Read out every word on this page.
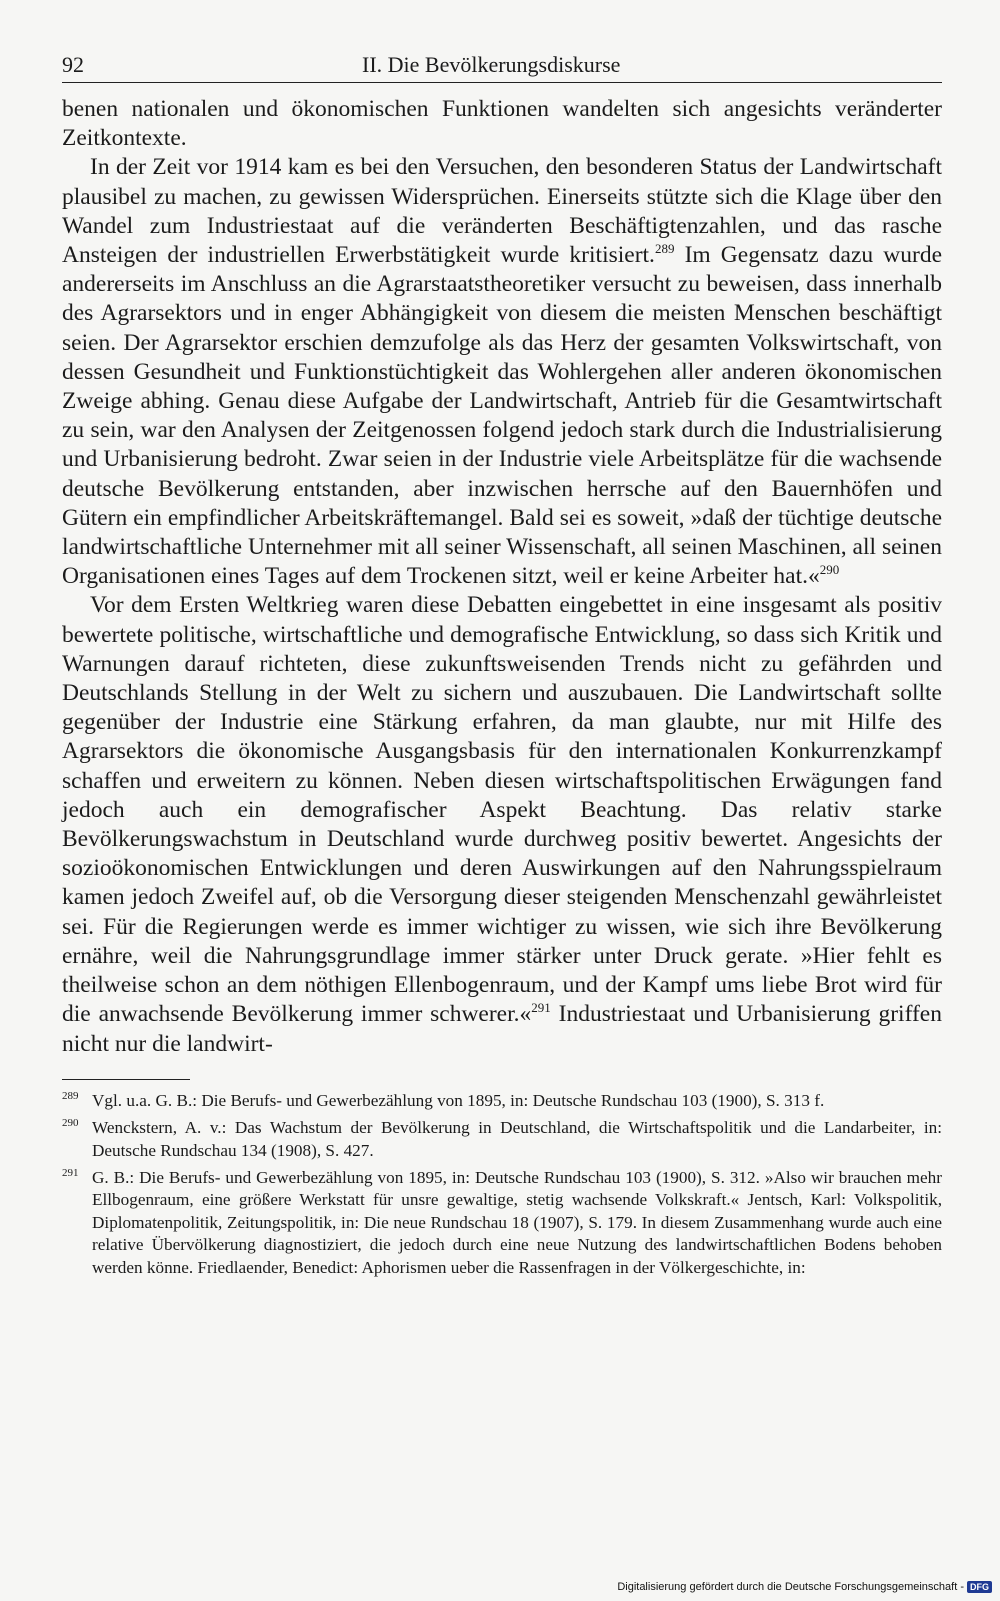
92	II. Die Bevölkerungsdiskurse

benen nationalen und ökonomischen Funktionen wandelten sich angesichts veränderter Zeitkontexte.

In der Zeit vor 1914 kam es bei den Versuchen, den besonderen Status der Landwirtschaft plausibel zu machen, zu gewissen Widersprüchen. Einerseits stützte sich die Klage über den Wandel zum Industriestaat auf die veränderten Beschäftigtenzahlen, und das rasche Ansteigen der industriellen Erwerbstätigkeit wurde kritisiert.$^{289}$ Im Gegensatz dazu wurde andererseits im Anschluss an die Agrarstaatstheoretiker versucht zu beweisen, dass innerhalb des Agrarsektors und in enger Abhängigkeit von diesem die meisten Menschen beschäftigt seien. Der Agrarsektor erschien demzufolge als das Herz der gesamten Volkswirtschaft, von dessen Gesundheit und Funktionstüchtigkeit das Wohlergehen aller anderen ökonomischen Zweige abhing. Genau diese Aufgabe der Landwirtschaft, Antrieb für die Gesamtwirtschaft zu sein, war den Analysen der Zeitgenossen folgend jedoch stark durch die Industrialisierung und Urbanisierung bedroht. Zwar seien in der Industrie viele Arbeitsplätze für die wachsende deutsche Bevölkerung entstanden, aber inzwischen herrsche auf den Bauernhöfen und Gütern ein empfindlicher Arbeitskräftemangel. Bald sei es soweit, »daß der tüchtige deutsche landwirtschaftliche Unternehmer mit all seiner Wissenschaft, all seinen Maschinen, all seinen Organisationen eines Tages auf dem Trockenen sitzt, weil er keine Arbeiter hat.«$^{290}$

Vor dem Ersten Weltkrieg waren diese Debatten eingebettet in eine insgesamt als positiv bewertete politische, wirtschaftliche und demografische Entwicklung, so dass sich Kritik und Warnungen darauf richteten, diese zukunftsweisenden Trends nicht zu gefährden und Deutschlands Stellung in der Welt zu sichern und auszubauen. Die Landwirtschaft sollte gegenüber der Industrie eine Stärkung erfahren, da man glaubte, nur mit Hilfe des Agrarsektors die ökonomische Ausgangsbasis für den internationalen Konkurrenzkampf schaffen und erweitern zu können. Neben diesen wirtschaftspolitischen Erwägungen fand jedoch auch ein demografischer Aspekt Beachtung. Das relativ starke Bevölkerungswachstum in Deutschland wurde durchweg positiv bewertet. Angesichts der sozioökonomischen Entwicklungen und deren Auswirkungen auf den Nahrungsspielraum kamen jedoch Zweifel auf, ob die Versorgung dieser steigenden Menschenzahl gewährleistet sei. Für die Regierungen werde es immer wichtiger zu wissen, wie sich ihre Bevölkerung ernähre, weil die Nahrungsgrundlage immer stärker unter Druck gerate. »Hier fehlt es theilweise schon an dem nöthigen Ellenbogenraum, und der Kampf ums liebe Brot wird für die anwachsende Bevölkerung immer schwerer.«$^{291}$ Industriestaat und Urbanisierung griffen nicht nur die landwirt-

289 Vgl. u.a. G. B.: Die Berufs- und Gewerbezählung von 1895, in: Deutsche Rundschau 103 (1900), S. 313 f.

290 Wenckstern, A. v.: Das Wachstum der Bevölkerung in Deutschland, die Wirtschaftspolitik und die Landarbeiter, in: Deutsche Rundschau 134 (1908), S. 427.

291 G. B.: Die Berufs- und Gewerbezählung von 1895, in: Deutsche Rundschau 103 (1900), S. 312. »Also wir brauchen mehr Ellbogenraum, eine größere Werkstatt für unsre gewaltige, stetig wachsende Volkskraft.« Jentsch, Karl: Volkspolitik, Diplomatenpolitik, Zeitungspolitik, in: Die neue Rundschau 18 (1907), S. 179. In diesem Zusammenhang wurde auch eine relative Übervölkerung diagnostiziert, die jedoch durch eine neue Nutzung des landwirtschaftlichen Bodens behoben werden könne. Friedlaender, Benedict: Aphorismen ueber die Rassenfragen in der Völkergeschichte, in:

Digitalisierung gefördert durch die Deutsche Forschungsgemeinschaft - DFG
